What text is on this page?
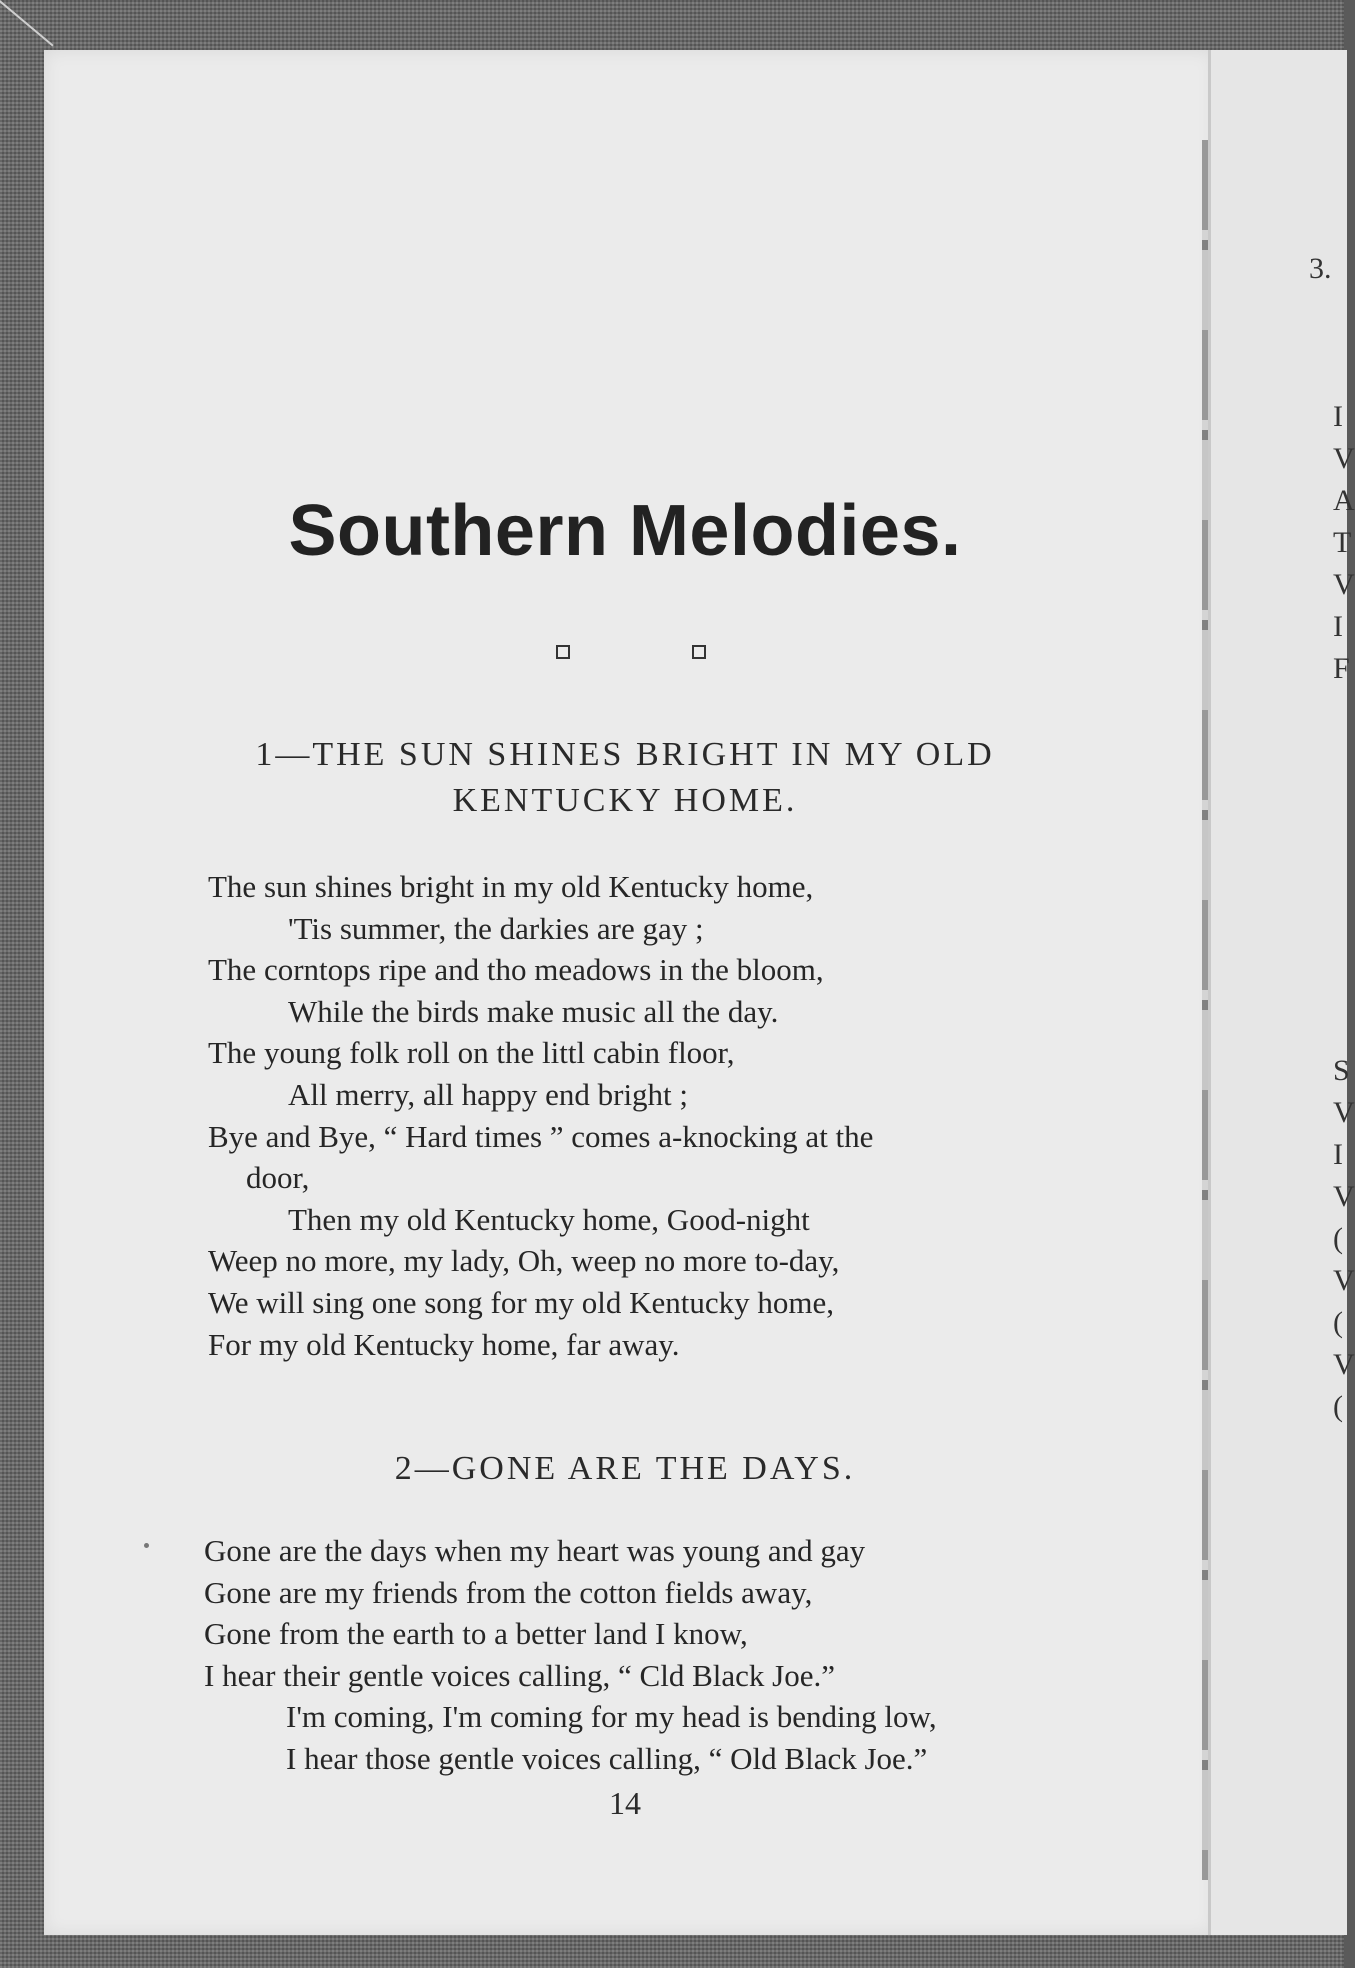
3.
I
V
A
T
V
I
F
S
V
I
V
(
V
(
V
(
Southern Melodies.
1—THE SUN SHINES BRIGHT IN MY OLD
KENTUCKY HOME.
The sun shines bright in my old Kentucky home,
'Tis summer, the darkies are gay ;
The corntops ripe and tho meadows in the bloom,
While the birds make music all the day.
The young folk roll on the littl cabin floor,
All merry, all happy end bright ;
Bye and Bye, “ Hard times ” comes a-knocking at the
door,
Then my old Kentucky home, Good-night
Weep no more, my lady, Oh, weep no more to-day,
We will sing one song for my old Kentucky home,
For my old Kentucky home, far away.
2—GONE ARE THE DAYS.
Gone are the days when my heart was young and gay
Gone are my friends from the cotton fields away,
Gone from the earth to a better land I know,
I hear their gentle voices calling, “ Cld Black Joe.”
I'm coming, I'm coming for my head is bending low,
I hear those gentle voices calling, “ Old Black Joe.”
14
